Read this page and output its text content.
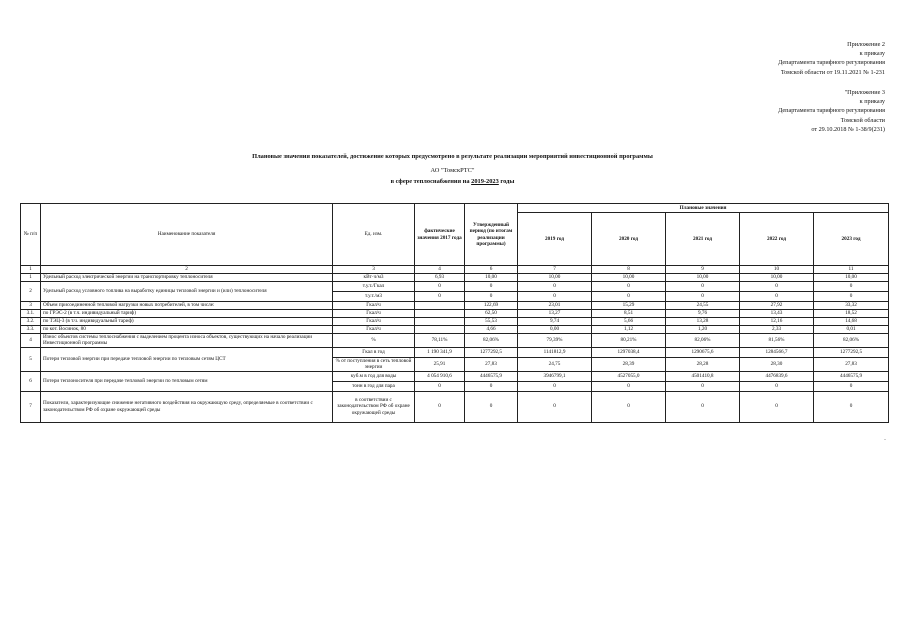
Приложение 2
к приказу
Департамента тарифного регулирования
Томской области от 19.11.2021 № 1-231
"Приложение 3
к приказу
Департамента тарифного регулирования
Томской области
от 29.10.2018 № 1-38/9(231)
Плановые значения показателей, достижение которых предусмотрено в результате реализации мероприятий инвестиционной программы
АО "ТомскРТС"
в сфере теплоснабжения на 2019-2023 годы
№ п/п	Наименование показателя	Ед. изм.	фактические значения 2017 года	Утвержденный период (по итогам реализации программы)	Плановые значения				
					2019 год	2020 год	2021 год	2022 год	2023 год
1	2	3	4	6	7	8	9	10	11
1	Удельный расход электрической энергии на транспортировку теплоносителя	кВт·ч/м3	6,93	10,00	10,00	10,00	10,00	10,00	10,00
2	Удельный расход условного топлива на выработку единицы тепловой энергии и (или) теплоносителя	т.у.т./Гкал	0	0	0	0	0	0	0
		т.у.т./м3	0	0	0	0	0	0	0
3	Объем присоединенной тепловой нагрузки новых потребителей, в том числе:	Гкал/ч		122,69	23,01	15,29	24,55	27,92	33,32
3.1.	по ГРЭС-2 (в т.ч. индивидуальный тариф)	Гкал/ч		62,50	13,27	8,51	9,76	13,43	18,52
3.2.	по ТЭЦ-3 (в т.ч. индивидуальный тариф)	Гкал/ч		55,53	9,74	5,66	13,28	12,16	14,68
3.3.	по кот. Восинок, 80	Гкал/ч		4,66	0,00	1,12	1,20	2,33	0,01
4	Износ объектов системы теплоснабжения с выделением процента износа объектов, существующих на начало реализации Инвестиционной программы	%	78,11%	82,06%	79,39%	80,21%	82,06%	81,56%	82,06%
5	Потери тепловой энергии при передаче тепловой энергии по тепловым сетям ЦСТ	Гкал в год	1 190 341,9	1277292,5	1141812,9	1297038,4	1290675,6	1284566,7	1277292,5
		% от поступления в сеть тепловой энергии	25,91	27,83	24,75	28,39	28,28	28,30	27,83
6	Потери теплоносителя при передаче тепловой энергии по тепловым сетям	куб.м в год для воды	4 054 910,6	4446575,9	3946799,1	4527055,0	4501410,8	4476839,6	4446575,9
		тонн в год для пара	0	0	0	0	0	0	0
7	Показатели, характеризующие снижение негативного воздействия на окружающую среду, определяемые в соответствии с законодательством РФ об охране окружающей среды	в соответствии с законодательством РФ об охране окружающей среды	0	0	0	0	0	0	0
-
